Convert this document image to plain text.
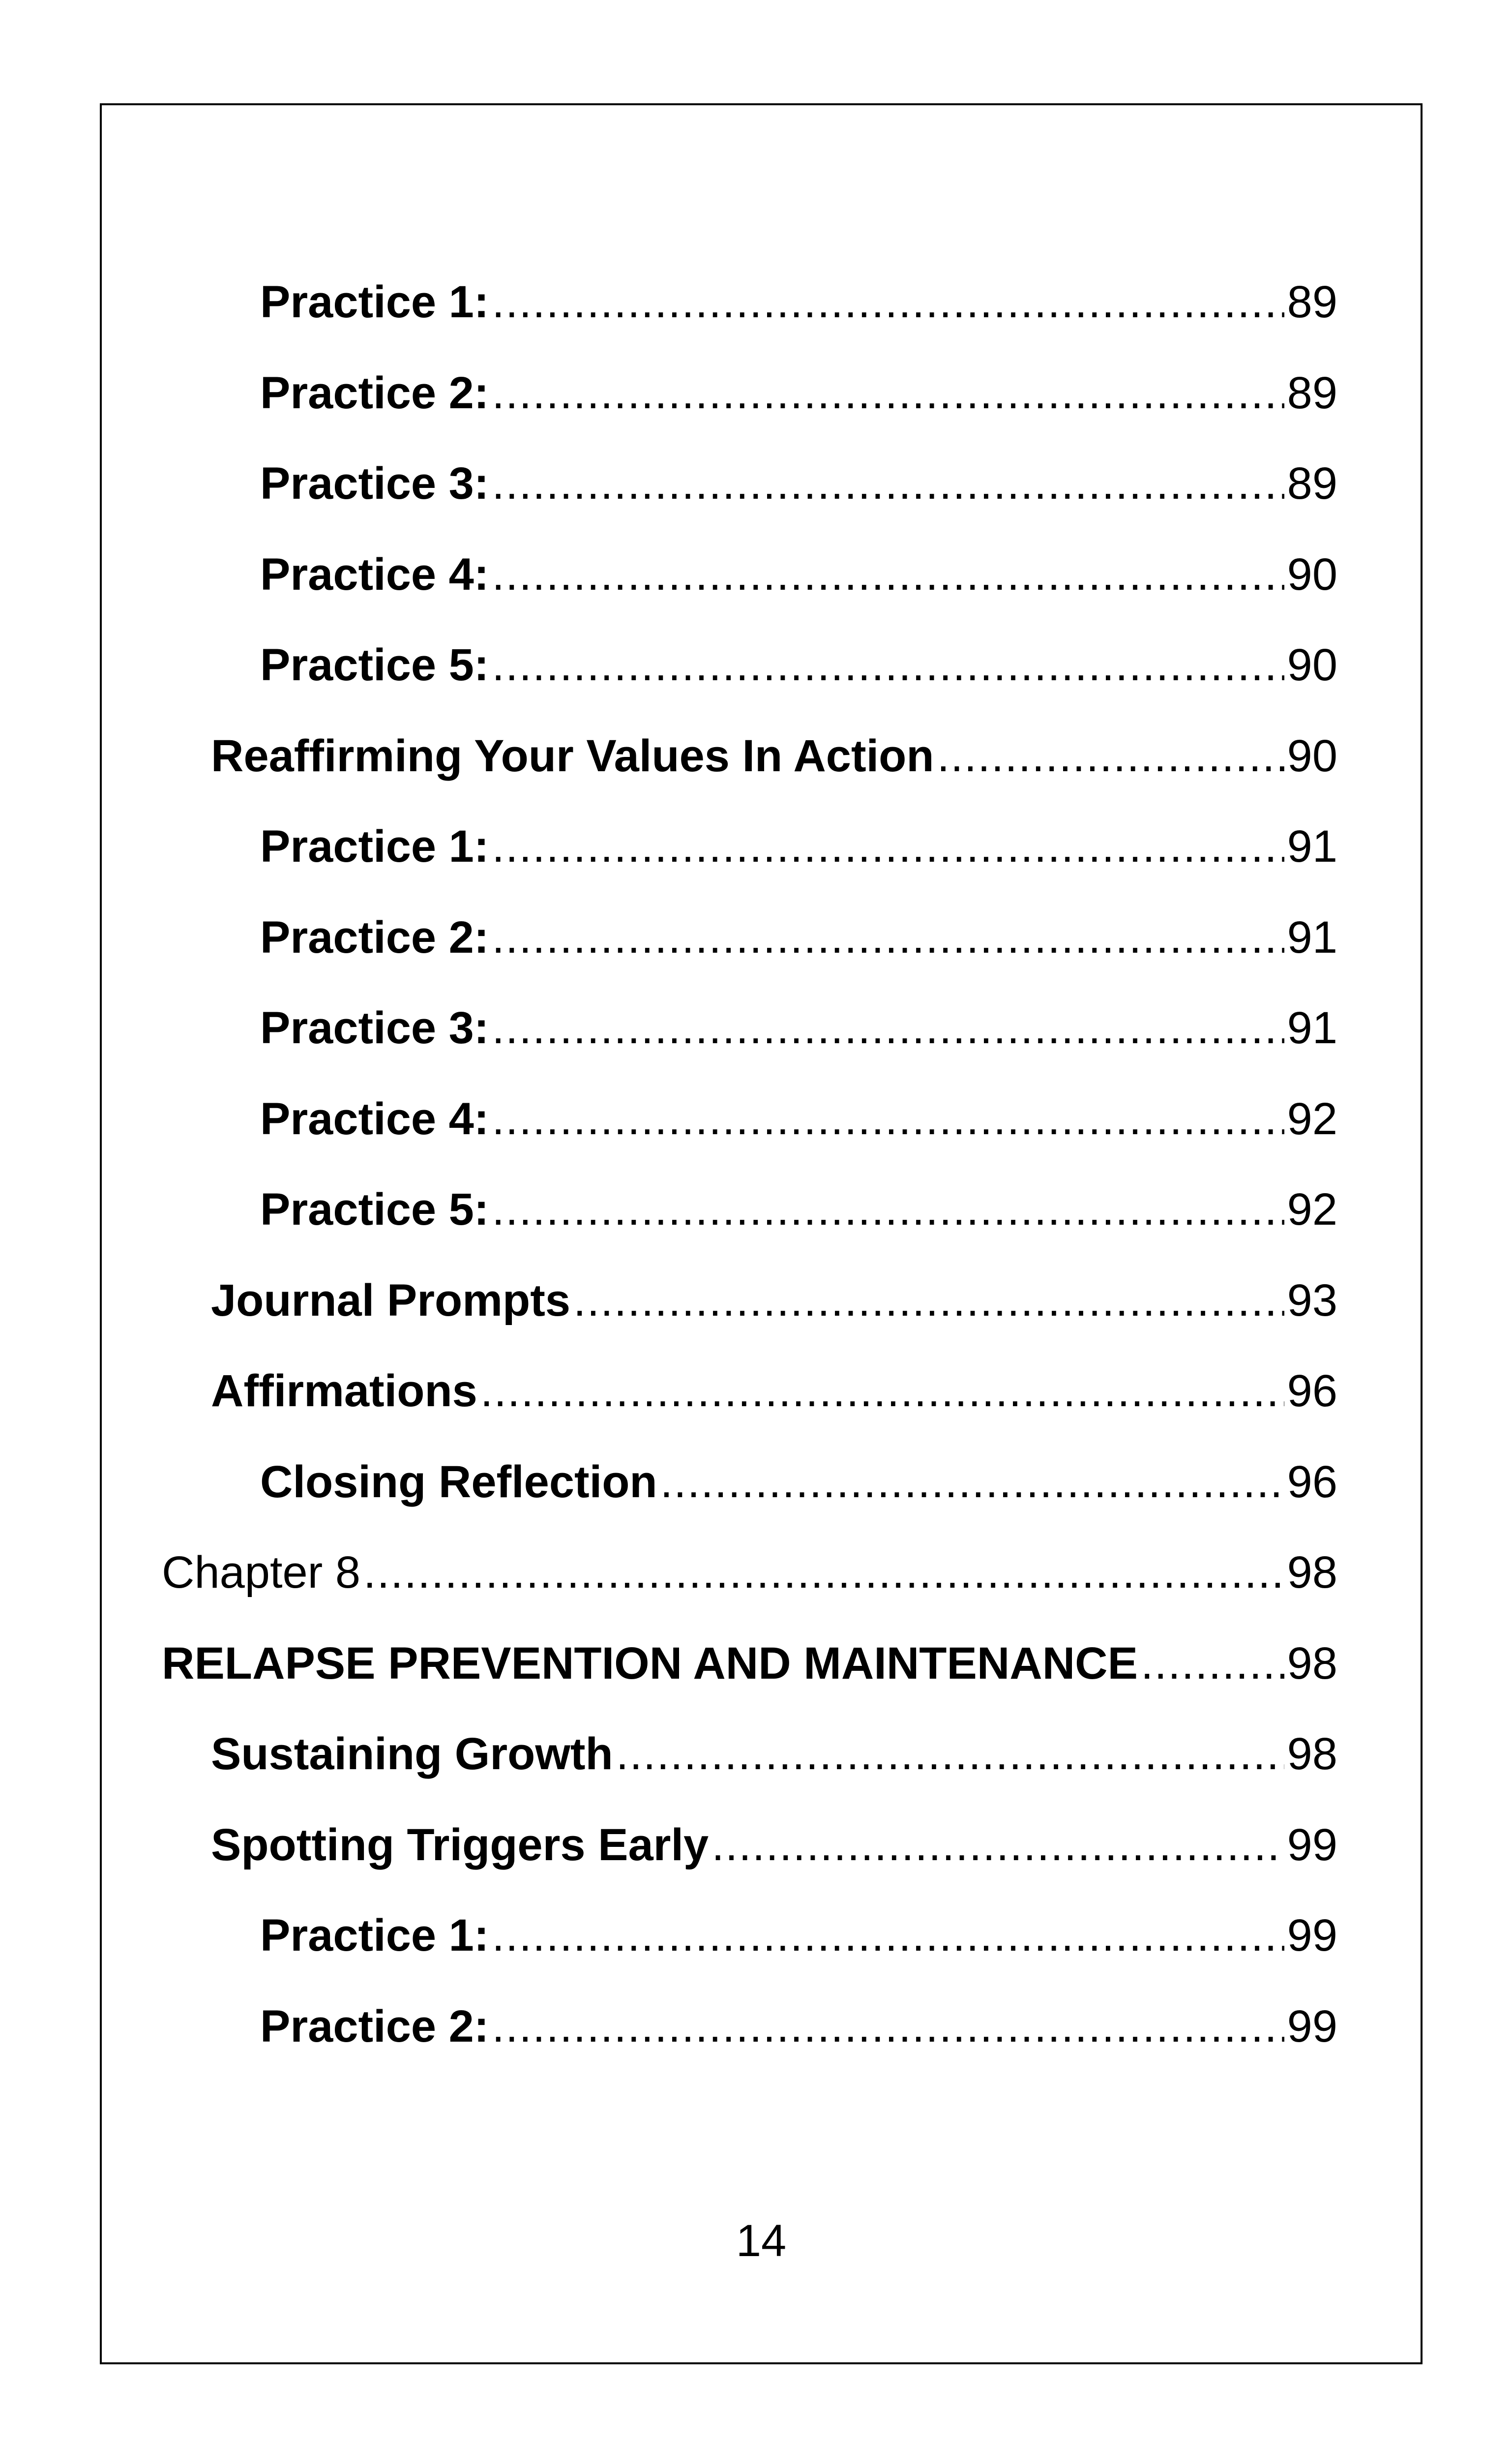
Practice 1: .....	89
Practice 2: .....	89
Practice 3: .....	89
Practice 4: .....	90
Practice 5: .....	90
Reaffirming Your Values In Action .....	90
Practice 1: .....	91
Practice 2: .....	91
Practice 3: .....	91
Practice 4: .....	92
Practice 5: .....	92
Journal Prompts .....	93
Affirmations .....	96
Closing Reflection .....	96
Chapter 8 .....	98
RELAPSE PREVENTION AND MAINTENANCE .....	98
Sustaining Growth .....	98
Spotting Triggers Early .....	99
Practice 1: .....	99
Practice 2: .....	99
14
